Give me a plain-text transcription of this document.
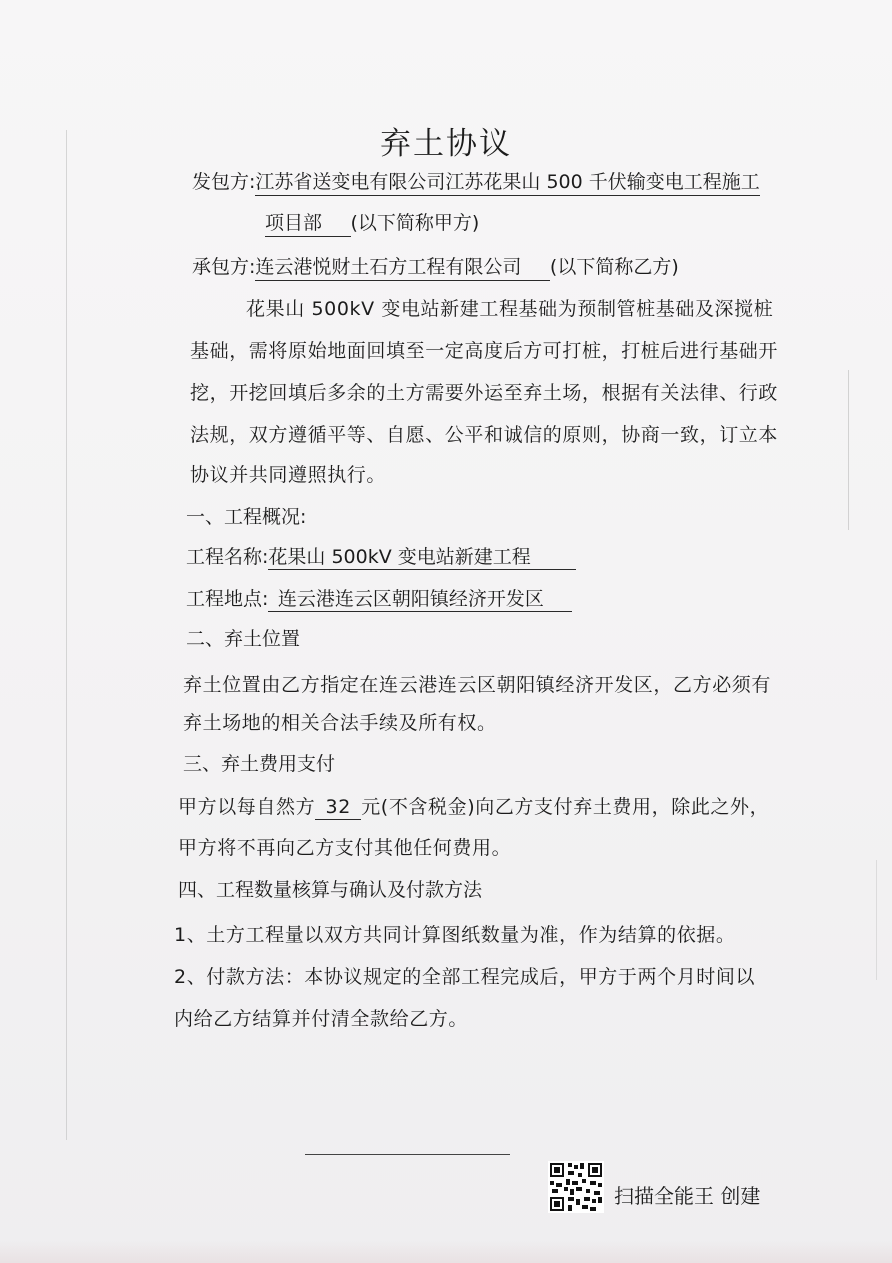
弃土协议
发包方:江苏省送变电有限公司江苏花果山 500 千伏输变电工程施工
项目部   (以下简称甲方)
承包方:连云港悦财土石方工程有限公司   (以下简称乙方)
花果山 500kV 变电站新建工程基础为预制管桩基础及深搅桩
基础，需将原始地面回填至一定高度后方可打桩，打桩后进行基础开
挖，开挖回填后多余的土方需要外运至弃土场，根据有关法律、行政
法规，双方遵循平等、自愿、公平和诚信的原则，协商一致，订立本
协议并共同遵照执行。
一、工程概况:
工程名称:花果山 500kV 变电站新建工程
工程地点:  连云港连云区朝阳镇经济开发区
二、弃土位置
弃土位置由乙方指定在连云港连云区朝阳镇经济开发区，乙方必须有
弃土场地的相关合法手续及所有权。
三、弃土费用支付
甲方以每自然方 32 元(不含税金)向乙方支付弃土费用，除此之外，
甲方将不再向乙方支付其他任何费用。
四、工程数量核算与确认及付款方法
1、土方工程量以双方共同计算图纸数量为准，作为结算的依据。
2、付款方法：本协议规定的全部工程完成后，甲方于两个月时间以
内给乙方结算并付清全款给乙方。
扫描全能王 创建
